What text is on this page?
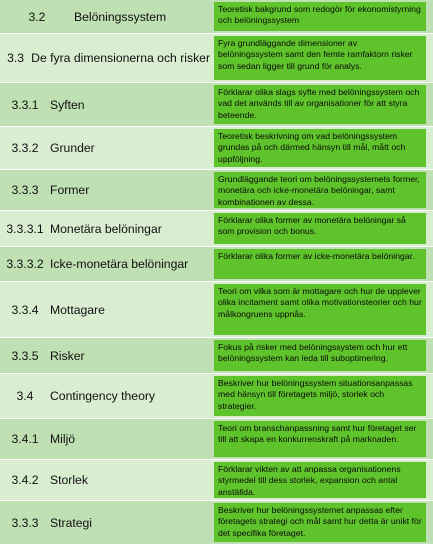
3.2	Belöningssystem
Teoretisk bakgrund som redogör för ekonomistyrning och belöningssystem
3.3 De fyra dimensionerna och risker
Fyra grundläggande dimensioner av belöningssystem samt den femte ramfaktorn risker som sedan ligger till grund för analys.
3.3.1 Syften
Förklarar olika slags syfte med belöningssystem och vad det används till av organisationer för att styra beteende.
3.3.2 Grunder
Teoretisk beskrivning om vad belöningssystem grundas på och därmed hänsyn till mål, mått och uppföljning.
3.3.3 Former
Grundläggande teori om belöningssystemets former, monetära och icke-monetära belöningar, samt kombinationen av dessa.
3.3.3.1 Monetära belöningar
Förklarar olika former av monetära belöningar så som provision och bonus.
3.3.3.2 Icke-monetära belöningar
Förklarar olika former av icke-monetära belöningar.
3.3.4 Mottagare
Teori om vilka som är mottagare och hur de upplever olika incitament samt olika motivationsteorier och hur målkongruens uppnås.
3.3.5 Risker
Fokus på risker med belöningssystem och hur ett belöningssystem kan leda till suboptimering.
3.4	Contingency theory
Beskriver hur belöningssystem situationsanpassas med hänsyn till företagets miljö, storlek och strategier.
3.4.1 Miljö
Teori om branschanpassning samt hur företaget ser till att skapa en konkurrenskraft på marknaden.
3.4.2 Storlek
Förklarar vikten av att anpassa organisationens styrmedel till dess storlek, expansion och antal anställda.
3.3.3 Strategi
Beskriver hur belöningssystemet anpassas efter företagets strategi och mål samt hur detta är unikt för det specifika företaget.
